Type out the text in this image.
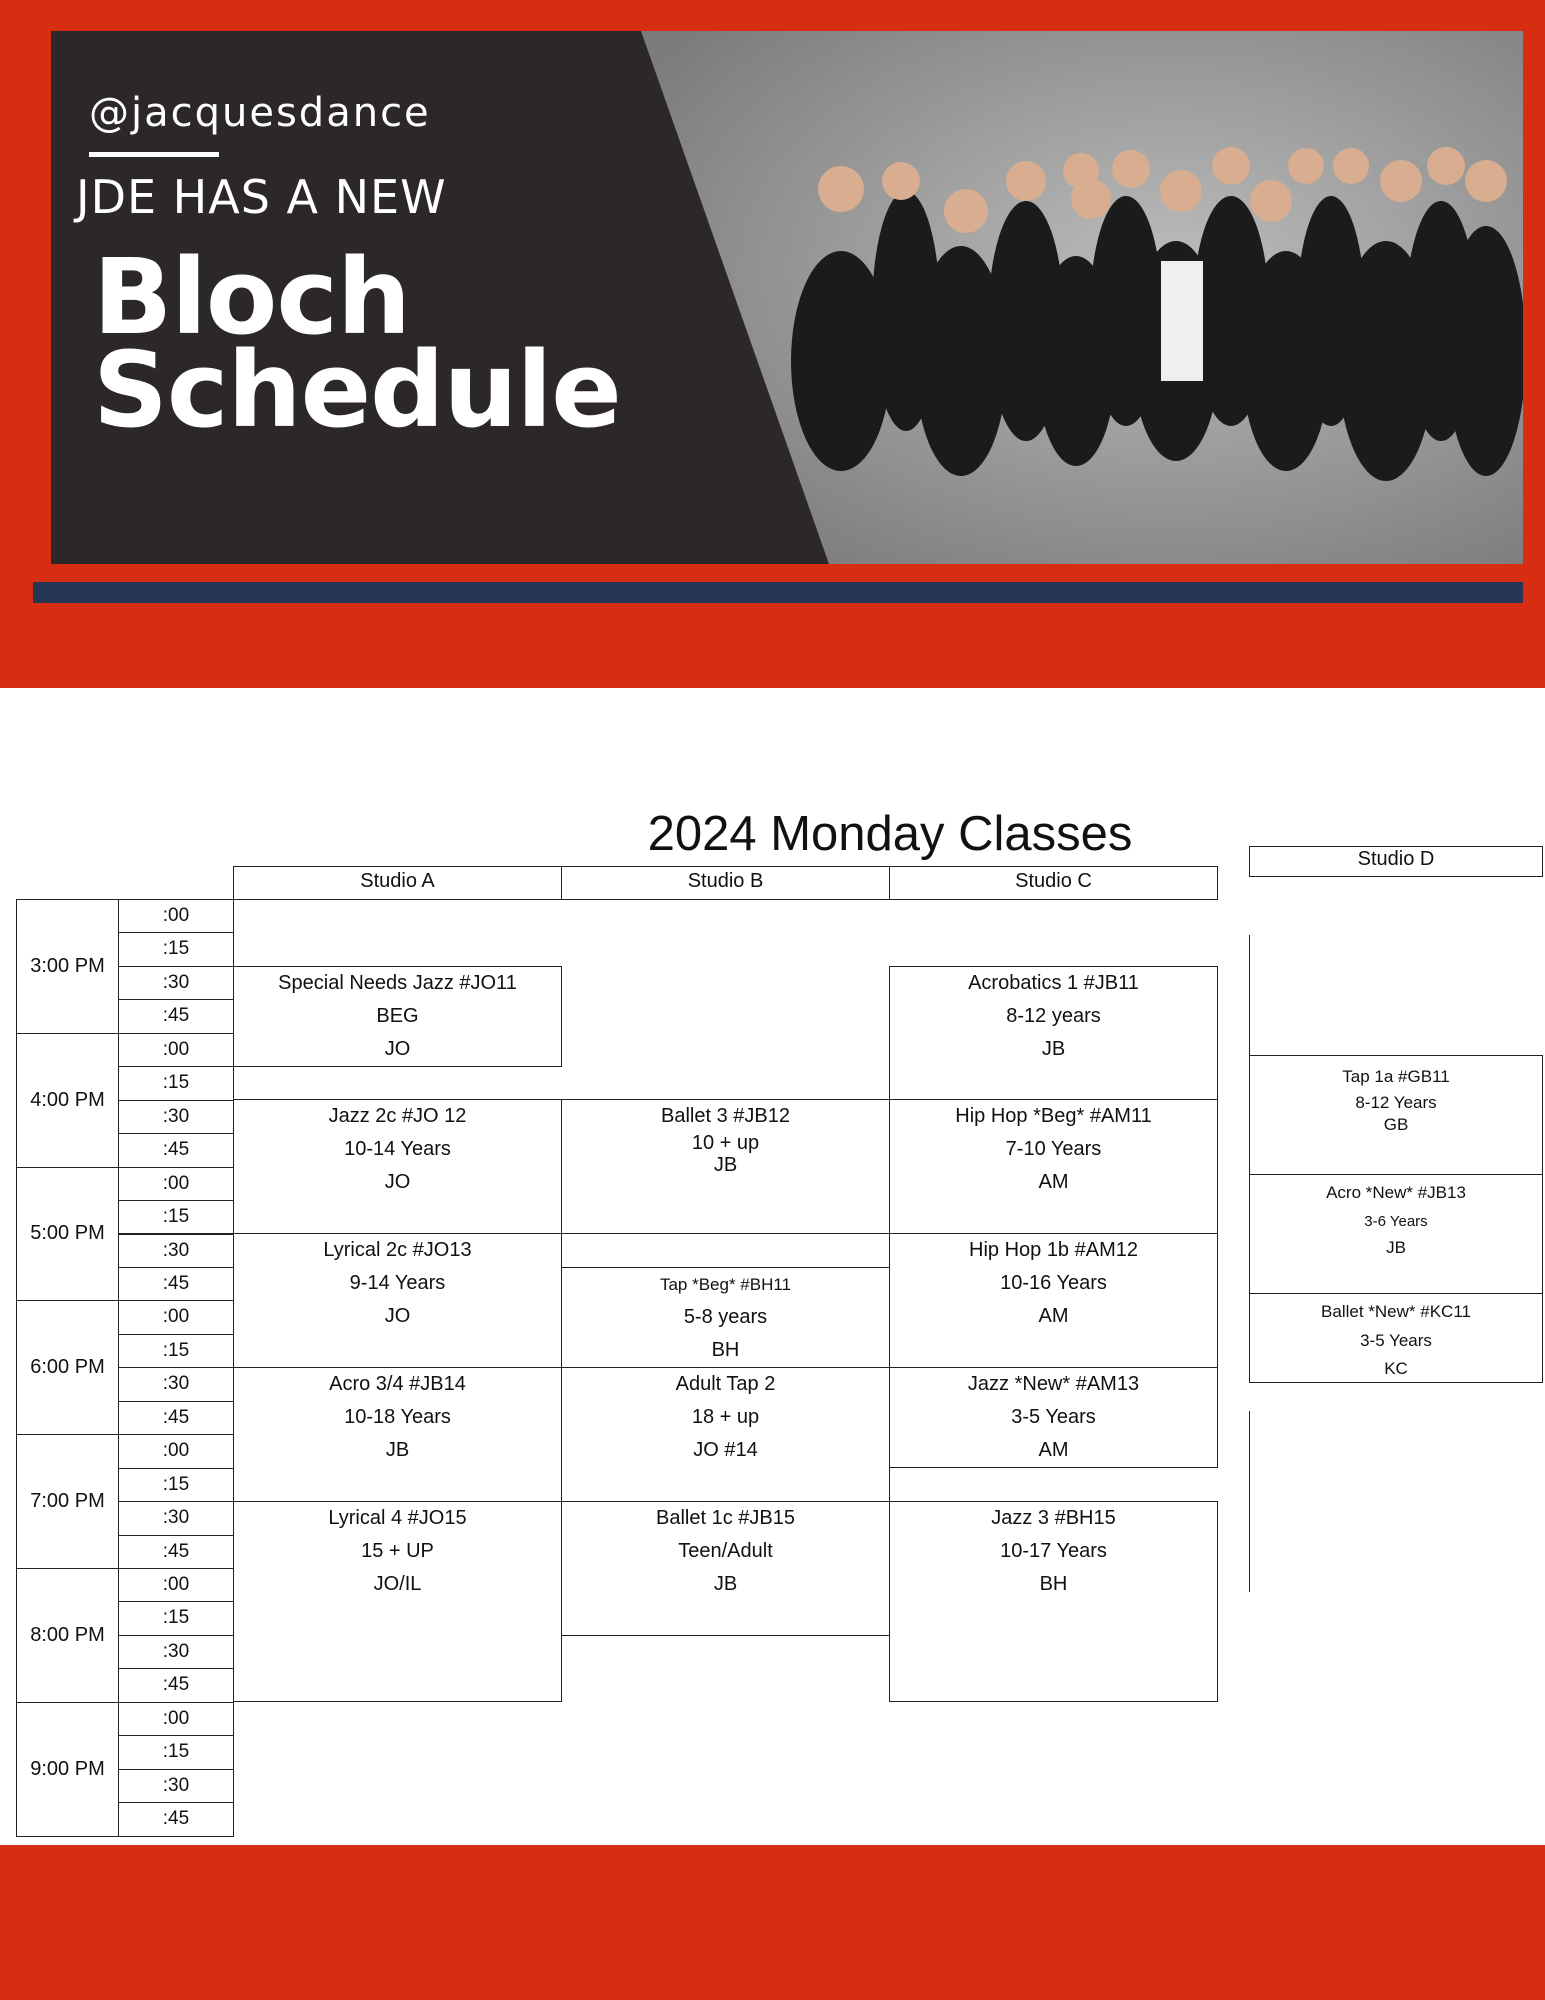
@jacquesdance
JDE HAS A NEW
Bloch
Schedule
2024 Monday Classes
Studio A	Studio B	Studio C
Studio D
3:00 PM
4:00 PM
5:00 PM
6:00 PM
7:00 PM
8:00 PM
9:00 PM
:00
:15
:30
:45
:00
:15
:30
:45
:00
:15
:30
:45
:00
:15
:30
:45
:00
:15
:30
:45
:00
:15
:30
:45
:00
:15
:30
:45
Special Needs Jazz #JO11
BEG
JO
Jazz 2c #JO 12
10-14 Years
JO
Lyrical 2c #JO13
9-14 Years
JO
Acro 3/4 #JB14
10-18 Years
JB
Lyrical 4 #JO15
15 + UP
JO/IL
Ballet 3 #JB12
10 + up
JB
Tap *Beg* #BH11
5-8 years
BH
Adult Tap 2
18 + up
JO #14
Ballet 1c #JB15
Teen/Adult
JB
Acrobatics 1 #JB11
8-12 years
JB
Hip Hop *Beg* #AM11
7-10 Years
AM
Hip Hop 1b #AM12
10-16 Years
AM
Jazz *New* #AM13
3-5 Years
AM
Jazz 3 #BH15
10-17 Years
BH
Tap 1a #GB11
8-12 Years
GB
Acro *New* #JB13
3-6 Years
JB
Ballet *New* #KC11
3-5 Years
KC
